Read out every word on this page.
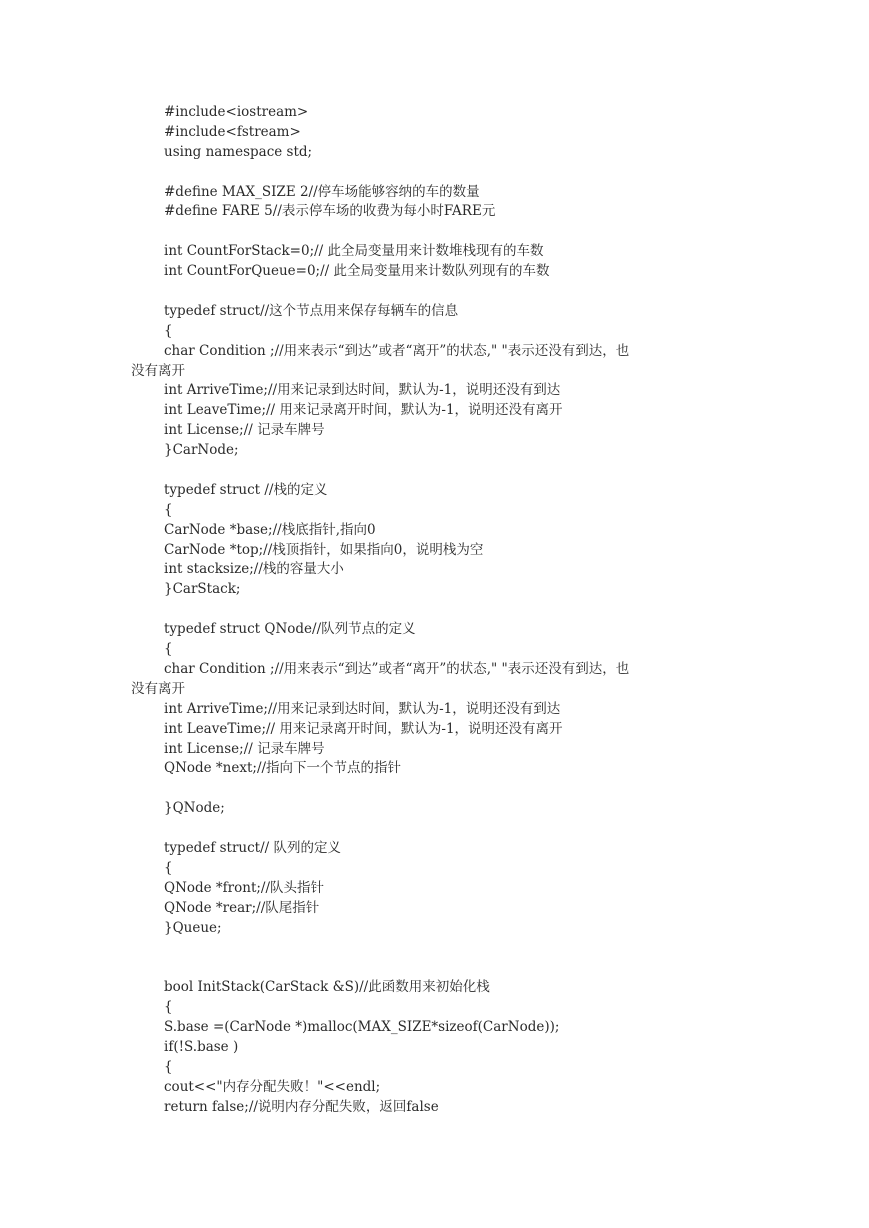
#include<iostream>
#include<fstream>
using namespace std;
#define MAX_SIZE 2//停车场能够容纳的车的数量
#define FARE 5//表示停车场的收费为每小时FARE元
int CountForStack=0;// 此全局变量用来计数堆栈现有的车数
int CountForQueue=0;// 此全局变量用来计数队列现有的车数
typedef struct//这个节点用来保存每辆车的信息
{
char Condition ;//用来表示“到达”或者“离开”的状态," "表示还没有到达，也
没有离开
int ArriveTime;//用来记录到达时间，默认为-1，说明还没有到达
int LeaveTime;// 用来记录离开时间，默认为-1，说明还没有离开
int License;// 记录车牌号
}CarNode;
typedef struct //栈的定义
{
CarNode *base;//栈底指针,指向0
CarNode *top;//栈顶指针，如果指向0，说明栈为空
int stacksize;//栈的容量大小
}CarStack;
typedef struct QNode//队列节点的定义
{
char Condition ;//用来表示“到达”或者“离开”的状态," "表示还没有到达，也
没有离开
int ArriveTime;//用来记录到达时间，默认为-1，说明还没有到达
int LeaveTime;// 用来记录离开时间，默认为-1，说明还没有离开
int License;// 记录车牌号
QNode *next;//指向下一个节点的指针
}QNode;
typedef struct// 队列的定义
{
QNode *front;//队头指针
QNode *rear;//队尾指针
}Queue;
bool InitStack(CarStack &S)//此函数用来初始化栈
{
S.base =(CarNode *)malloc(MAX_SIZE*sizeof(CarNode));
if(!S.base )
{
cout<<"内存分配失败！"<<endl;
return false;//说明内存分配失败，返回false
